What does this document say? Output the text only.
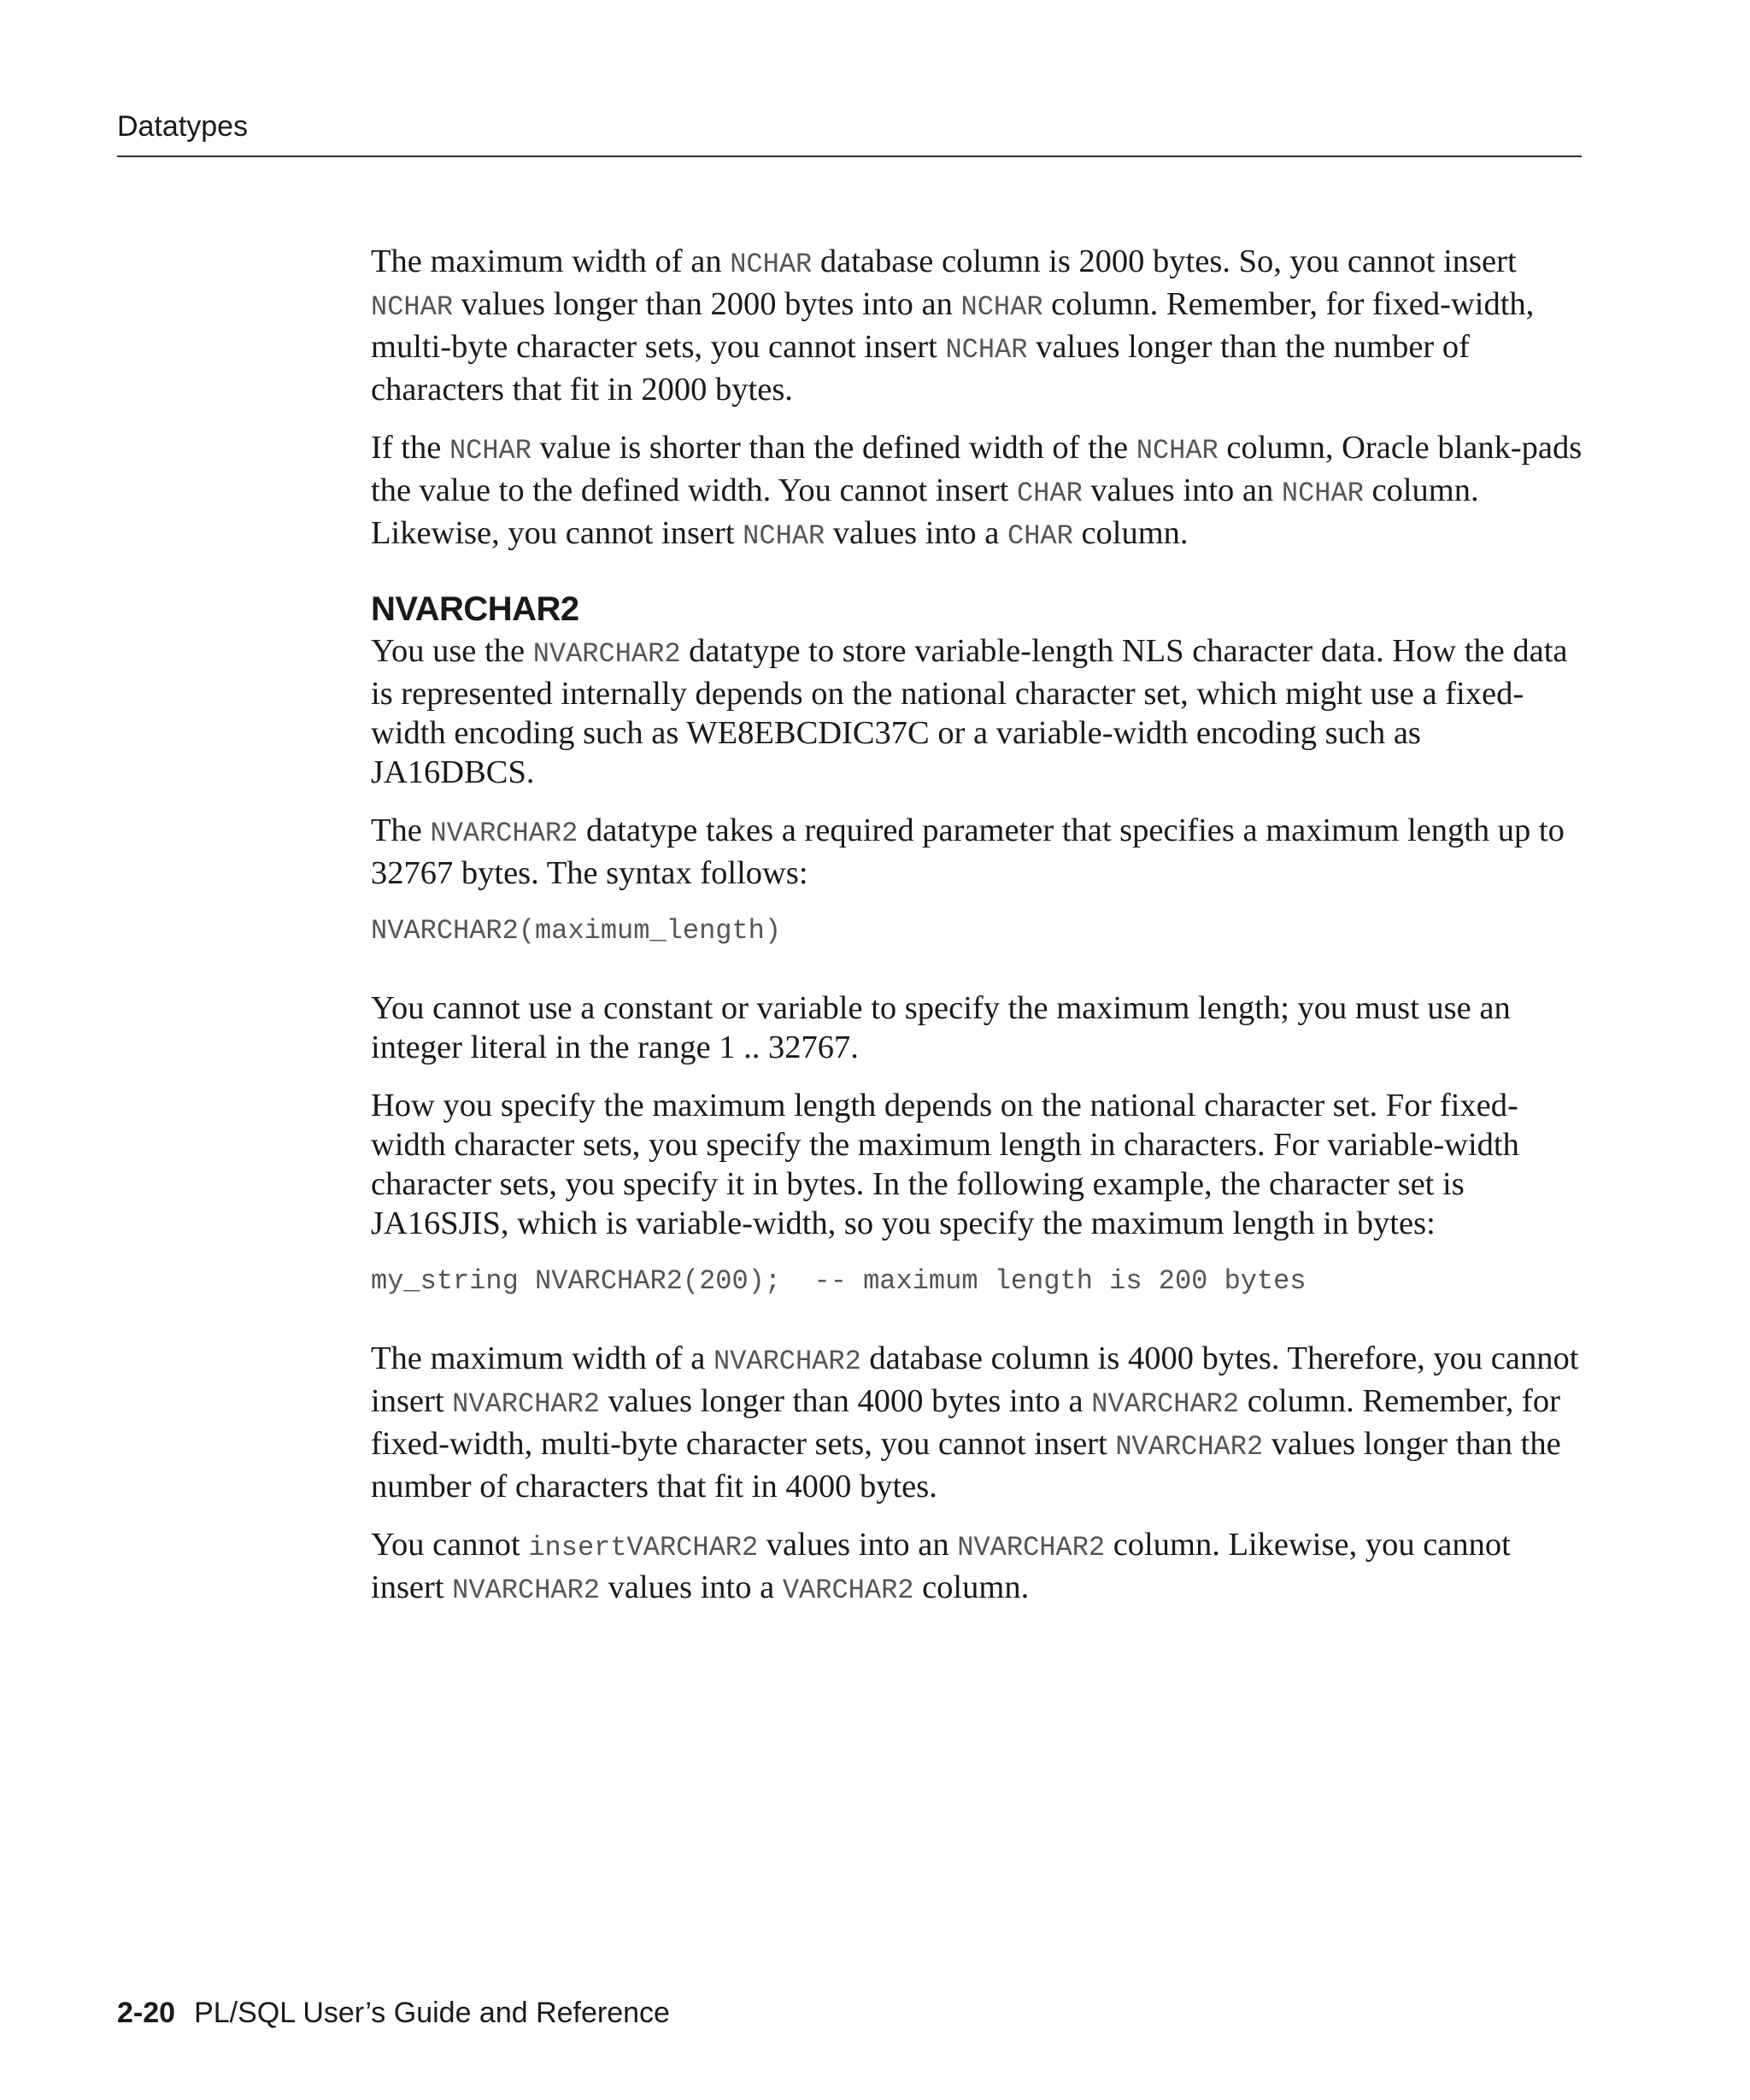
Datatypes

The maximum width of an NCHAR database column is 2000 bytes. So, you cannot insert NCHAR values longer than 2000 bytes into an NCHAR column. Remember, for fixed-width, multi-byte character sets, you cannot insert NCHAR values longer than the number of characters that fit in 2000 bytes.

If the NCHAR value is shorter than the defined width of the NCHAR column, Oracle blank-pads the value to the defined width. You cannot insert CHAR values into an NCHAR column. Likewise, you cannot insert NCHAR values into a CHAR column.

NVARCHAR2

You use the NVARCHAR2 datatype to store variable-length NLS character data. How the data is represented internally depends on the national character set, which might use a fixed-width encoding such as WE8EBCDIC37C or a variable-width encoding such as JA16DBCS.

The NVARCHAR2 datatype takes a required parameter that specifies a maximum length up to 32767 bytes. The syntax follows:

NVARCHAR2(maximum_length)

You cannot use a constant or variable to specify the maximum length; you must use an integer literal in the range 1 .. 32767.

How you specify the maximum length depends on the national character set. For fixed-width character sets, you specify the maximum length in characters. For variable-width character sets, you specify it in bytes. In the following example, the character set is JA16SJIS, which is variable-width, so you specify the maximum length in bytes:

my_string NVARCHAR2(200);  -- maximum length is 200 bytes

The maximum width of a NVARCHAR2 database column is 4000 bytes. Therefore, you cannot insert NVARCHAR2 values longer than 4000 bytes into a NVARCHAR2 column. Remember, for fixed-width, multi-byte character sets, you cannot insert NVARCHAR2 values longer than the number of characters that fit in 4000 bytes.

You cannot insertVARCHAR2 values into an NVARCHAR2 column. Likewise, you cannot insert NVARCHAR2 values into a VARCHAR2 column.

2-20 PL/SQL User’s Guide and Reference
